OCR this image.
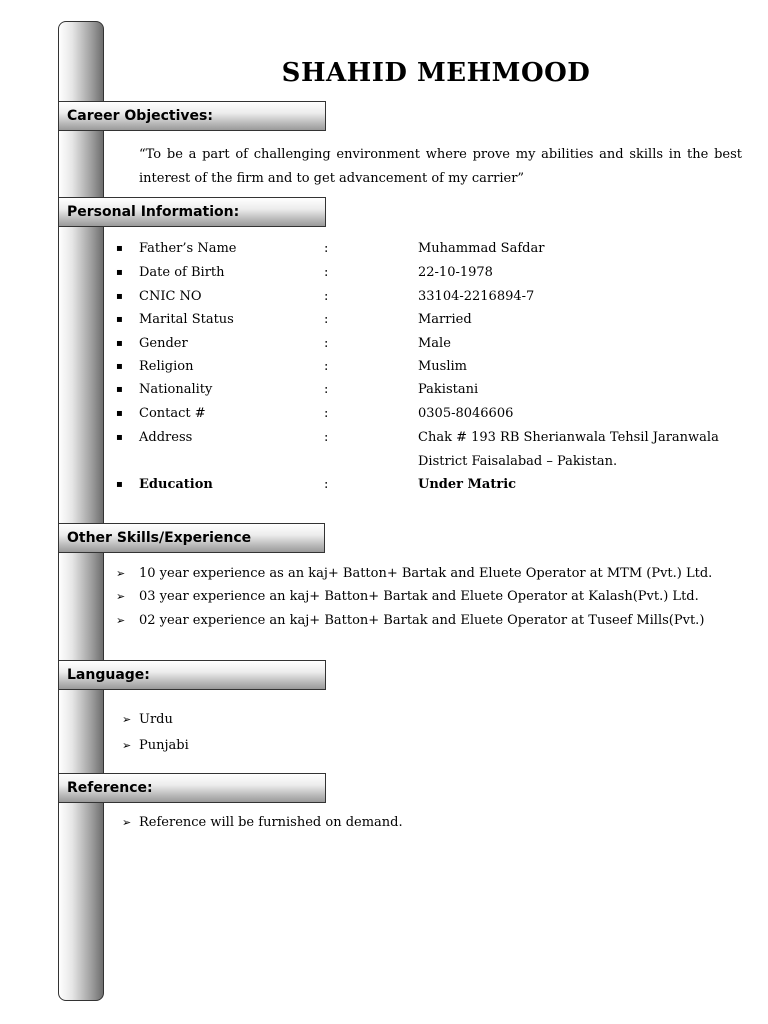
SHAHID MEHMOOD
Career Objectives:
“To be a part of challenging environment where prove my abilities and skills in the best interest of the firm and to get advancement of my carrier”
Personal Information:
▪ Father’s Name	:	Muhammad Safdar
▪ Date of Birth	:	22-10-1978
▪ CNIC NO	:	33104-2216894-7
▪ Marital Status	:	Married
▪ Gender	:	Male
▪ Religion	:	Muslim
▪ Nationality	:	Pakistani
▪ Contact #	:	0305-8046606
▪ Address	:	Chak # 193 RB Sherianwala Tehsil Jaranwala
District Faisalabad – Pakistan.
▪ Education	:	Under Matric
Other Skills/Experience
➢ 10 year experience as an kaj+ Batton+ Bartak and Eluete Operator at MTM (Pvt.) Ltd.
➢ 03 year experience an kaj+ Batton+ Bartak and Eluete Operator at Kalash(Pvt.) Ltd.
➢ 02 year experience an kaj+ Batton+ Bartak and Eluete Operator at Tuseef Mills(Pvt.)
Language:
➢ Urdu
➢ Punjabi
Reference:
➢ Reference will be furnished on demand.
